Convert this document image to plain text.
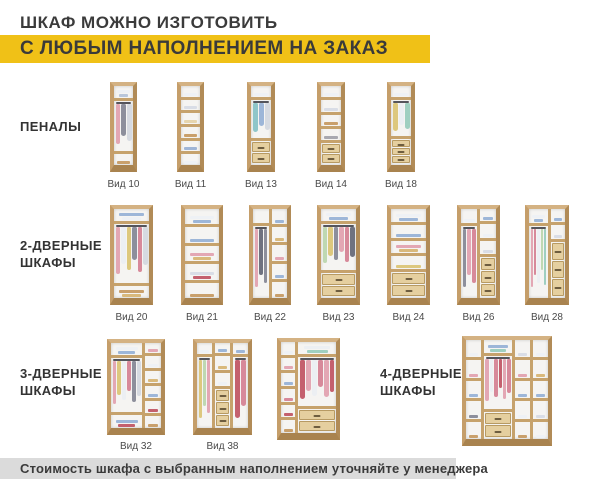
ШКАФ МОЖНО ИЗГОТОВИТЬ
С ЛЮБЫМ НАПОЛНЕНИЕМ НА ЗАКАЗ
ПЕНАЛЫ
Вид 10	Вид 11	Вид 13	Вид 14	Вид 18
2-ДВЕРНЫЕ
ШКАФЫ
Вид 20	Вид 21	Вид 22	Вид 23	Вид 24	Вид 26	Вид 28
3-ДВЕРНЫЕ
ШКАФЫ
4-ДВЕРНЫЕ
ШКАФЫ
Вид 32	Вид 38
Стоимость шкафа с выбранным наполнением уточняйте у менеджера
